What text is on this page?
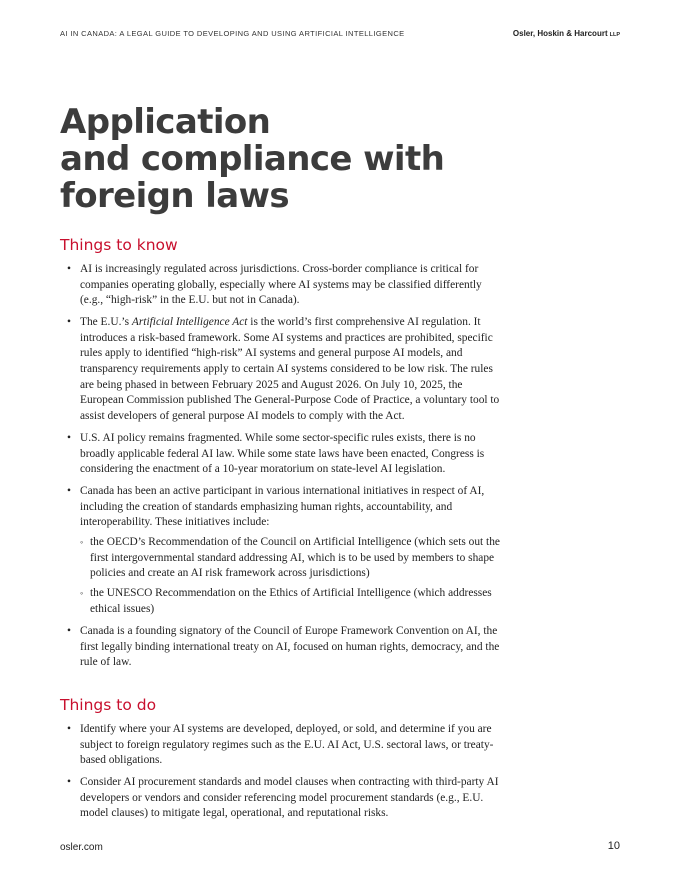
AI IN CANADA: A LEGAL GUIDE TO DEVELOPING AND USING ARTIFICIAL INTELLIGENCE	Osler, Hoskin & Harcourt LLP
Application
and compliance with
foreign laws
Things to know
• AI is increasingly regulated across jurisdictions. Cross-border compliance is critical for companies operating globally, especially where AI systems may be classified differently (e.g., “high-risk” in the E.U. but not in Canada).
• The E.U.’s Artificial Intelligence Act is the world’s first comprehensive AI regulation. It introduces a risk-based framework. Some AI systems and practices are prohibited, specific rules apply to identified “high-risk” AI systems and general purpose AI models, and transparency requirements apply to certain AI systems considered to be low risk. The rules are being phased in between February 2025 and August 2026. On July 10, 2025, the European Commission published The General-Purpose Code of Practice, a voluntary tool to assist developers of general purpose AI models to comply with the Act.
• U.S. AI policy remains fragmented. While some sector-specific rules exists, there is no broadly applicable federal AI law. While some state laws have been enacted, Congress is considering the enactment of a 10-year moratorium on state-level AI legislation.
• Canada has been an active participant in various international initiatives in respect of AI, including the creation of standards emphasizing human rights, accountability, and interoperability. These initiatives include:
◦ the OECD’s Recommendation of the Council on Artificial Intelligence (which sets out the first intergovernmental standard addressing AI, which is to be used by members to shape policies and create an AI risk framework across jurisdictions)
◦ the UNESCO Recommendation on the Ethics of Artificial Intelligence (which addresses ethical issues)
• Canada is a founding signatory of the Council of Europe Framework Convention on AI, the first legally binding international treaty on AI, focused on human rights, democracy, and the rule of law.
Things to do
• Identify where your AI systems are developed, deployed, or sold, and determine if you are subject to foreign regulatory regimes such as the E.U. AI Act, U.S. sectoral laws, or treaty-based obligations.
• Consider AI procurement standards and model clauses when contracting with third-party AI developers or vendors and consider referencing model procurement standards (e.g., E.U. model clauses) to mitigate legal, operational, and reputational risks.
osler.com	10
